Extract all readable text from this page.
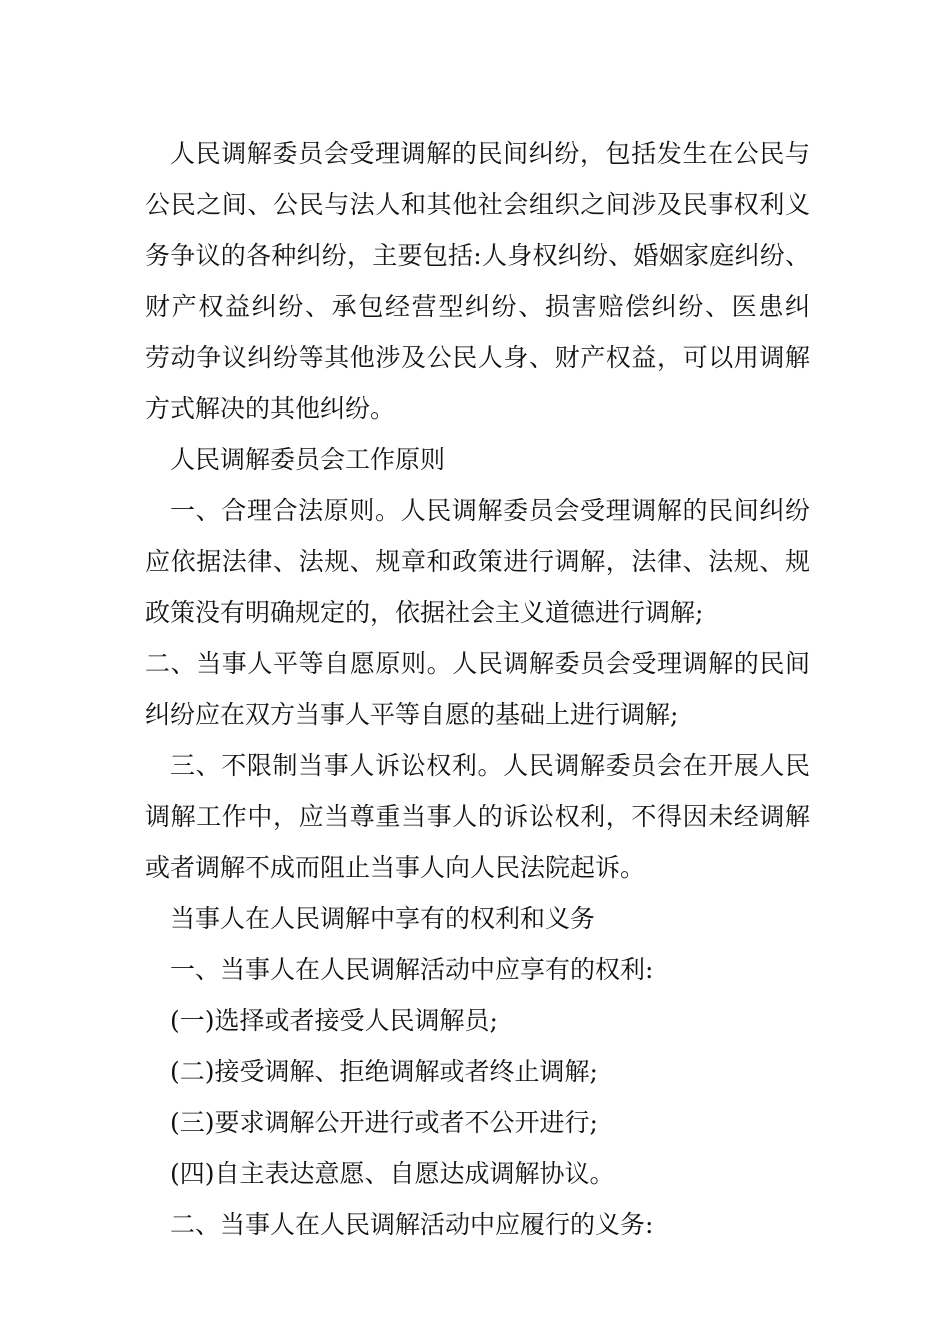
人民调解委员会受理调解的民间纠纷，包括发生在公民与
公民之间、公民与法人和其他社会组织之间涉及民事权利义
务争议的各种纠纷，主要包括:人身权纠纷、婚姻家庭纠纷、
财产权益纠纷、承包经营型纠纷、损害赔偿纠纷、医患纠
劳动争议纠纷等其他涉及公民人身、财产权益，可以用调解
方式解决的其他纠纷。

人民调解委员会工作原则

一、合理合法原则。人民调解委员会受理调解的民间纠纷
应依据法律、法规、规章和政策进行调解，法律、法规、规
政策没有明确规定的，依据社会主义道德进行调解;

二、当事人平等自愿原则。人民调解委员会受理调解的民间
纠纷应在双方当事人平等自愿的基础上进行调解;

三、不限制当事人诉讼权利。人民调解委员会在开展人民
调解工作中，应当尊重当事人的诉讼权利，不得因未经调解
或者调解不成而阻止当事人向人民法院起诉。

当事人在人民调解中享有的权利和义务

一、当事人在人民调解活动中应享有的权利:

(一)选择或者接受人民调解员;

(二)接受调解、拒绝调解或者终止调解;

(三)要求调解公开进行或者不公开进行;

(四)自主表达意愿、自愿达成调解协议。

二、当事人在人民调解活动中应履行的义务:
